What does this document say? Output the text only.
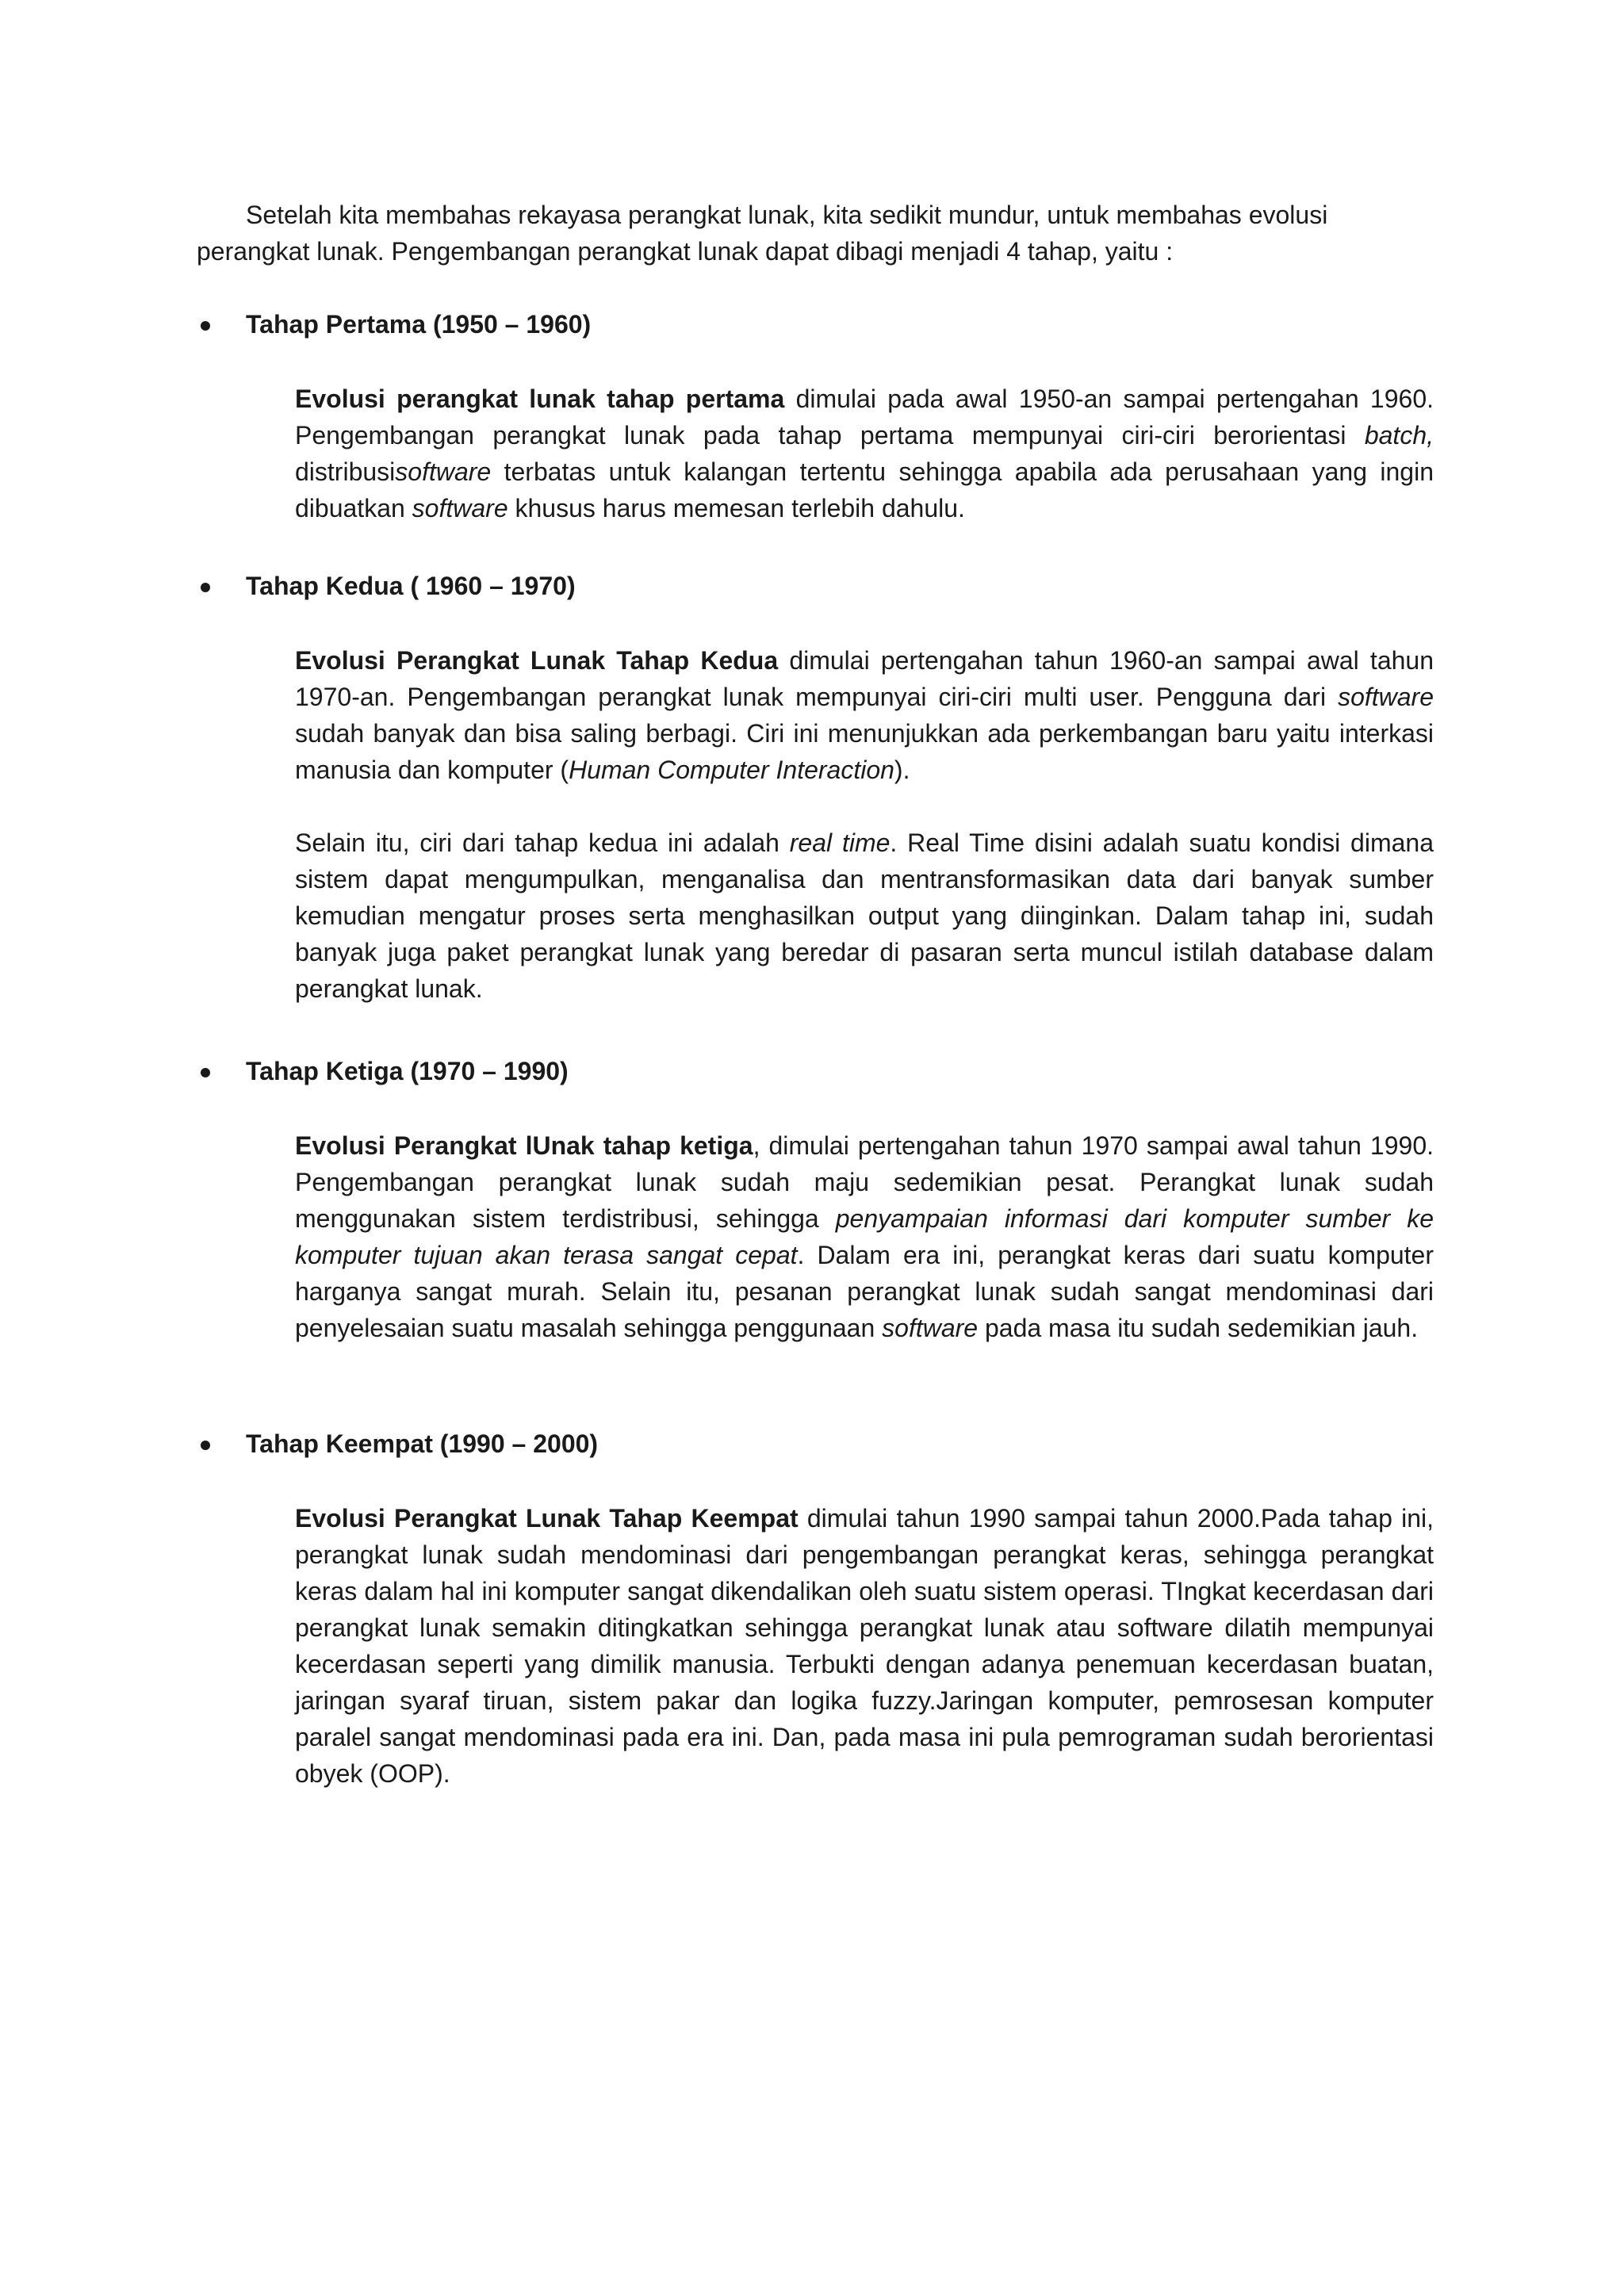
Setelah kita membahas rekayasa perangkat lunak, kita sedikit mundur, untuk membahas evolusi perangkat lunak. Pengembangan perangkat lunak dapat dibagi menjadi 4 tahap, yaitu :

Tahap Pertama (1950 – 1960)

Evolusi perangkat lunak tahap pertama dimulai pada awal 1950-an sampai pertengahan 1960. Pengembangan perangkat lunak pada tahap pertama mempunyai ciri-ciri berorientasi batch, distribusisoftware terbatas untuk kalangan tertentu sehingga apabila ada perusahaan yang ingin dibuatkan software khusus harus memesan terlebih dahulu.

Tahap Kedua ( 1960 – 1970)

Evolusi Perangkat Lunak Tahap Kedua dimulai pertengahan tahun 1960-an sampai awal tahun 1970-an. Pengembangan perangkat lunak mempunyai ciri-ciri multi user. Pengguna dari software sudah banyak dan bisa saling berbagi. Ciri ini menunjukkan ada perkembangan baru yaitu interkasi manusia dan komputer (Human Computer Interaction).

Selain itu, ciri dari tahap kedua ini adalah real time. Real Time disini adalah suatu kondisi dimana sistem dapat mengumpulkan, menganalisa dan mentransformasikan data dari banyak sumber kemudian mengatur proses serta menghasilkan output yang diinginkan. Dalam tahap ini, sudah banyak juga paket perangkat lunak yang beredar di pasaran serta muncul istilah database dalam perangkat lunak.

Tahap Ketiga (1970 – 1990)

Evolusi Perangkat lUnak tahap ketiga, dimulai pertengahan tahun 1970 sampai awal tahun 1990. Pengembangan perangkat lunak sudah maju sedemikian pesat. Perangkat lunak sudah menggunakan sistem terdistribusi, sehingga penyampaian informasi dari komputer sumber ke komputer tujuan akan terasa sangat cepat. Dalam era ini, perangkat keras dari suatu komputer harganya sangat murah. Selain itu, pesanan perangkat lunak sudah sangat mendominasi dari penyelesaian suatu masalah sehingga penggunaan software pada masa itu sudah sedemikian jauh.

Tahap Keempat (1990 – 2000)

Evolusi Perangkat Lunak Tahap Keempat dimulai tahun 1990 sampai tahun 2000.Pada tahap ini, perangkat lunak sudah mendominasi dari pengembangan perangkat keras, sehingga perangkat keras dalam hal ini komputer sangat dikendalikan oleh suatu sistem operasi. TIngkat kecerdasan dari perangkat lunak semakin ditingkatkan sehingga perangkat lunak atau software dilatih mempunyai kecerdasan seperti yang dimilik manusia. Terbukti dengan adanya penemuan kecerdasan buatan, jaringan syaraf tiruan, sistem pakar dan logika fuzzy.Jaringan komputer, pemrosesan komputer paralel sangat mendominasi pada era ini. Dan, pada masa ini pula pemrograman sudah berorientasi obyek (OOP).
